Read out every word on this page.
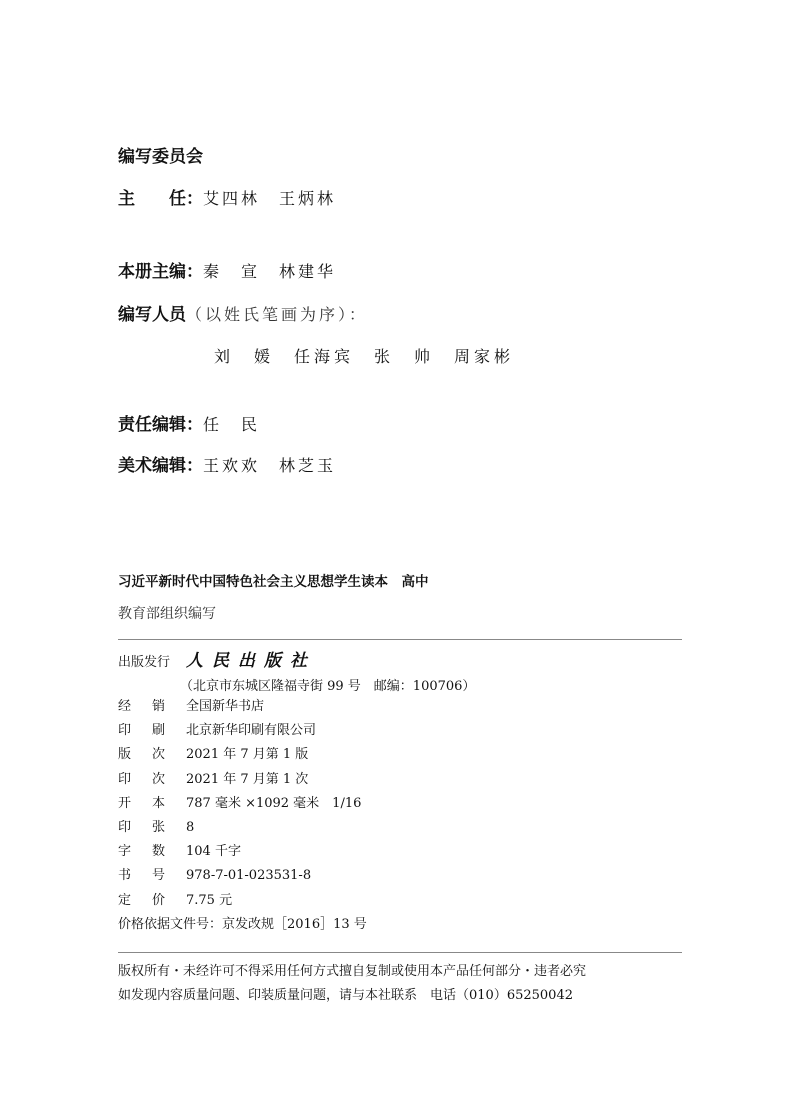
编写委员会
主　　任：艾四林　王炳林
本册主编：秦　宣　林建华
编写人员（以姓氏笔画为序）：
刘　媛　任海宾　张　帅　周家彬
责任编辑：任　民
美术编辑：王欢欢　林芝玉
习近平新时代中国特色社会主义思想学生读本　高中
教育部组织编写
出版发行 人民出版社
（北京市东城区隆福寺街 99 号　邮编：100706）
经 销 全国新华书店
印 刷 北京新华印刷有限公司
版 次 2021 年 7 月第 1 版
印 次 2021 年 7 月第 1 次
开 本 787 毫米 ×1092 毫米　1/16
印 张 8
字 数 104 千字
书 号 978-7-01-023531-8
定 价 7.75 元
价格依据文件号：京发改规［2016］13 号
版权所有・未经许可不得采用任何方式擅自复制或使用本产品任何部分・违者必究
如发现内容质量问题、印装质量问题，请与本社联系　电话（010）65250042
